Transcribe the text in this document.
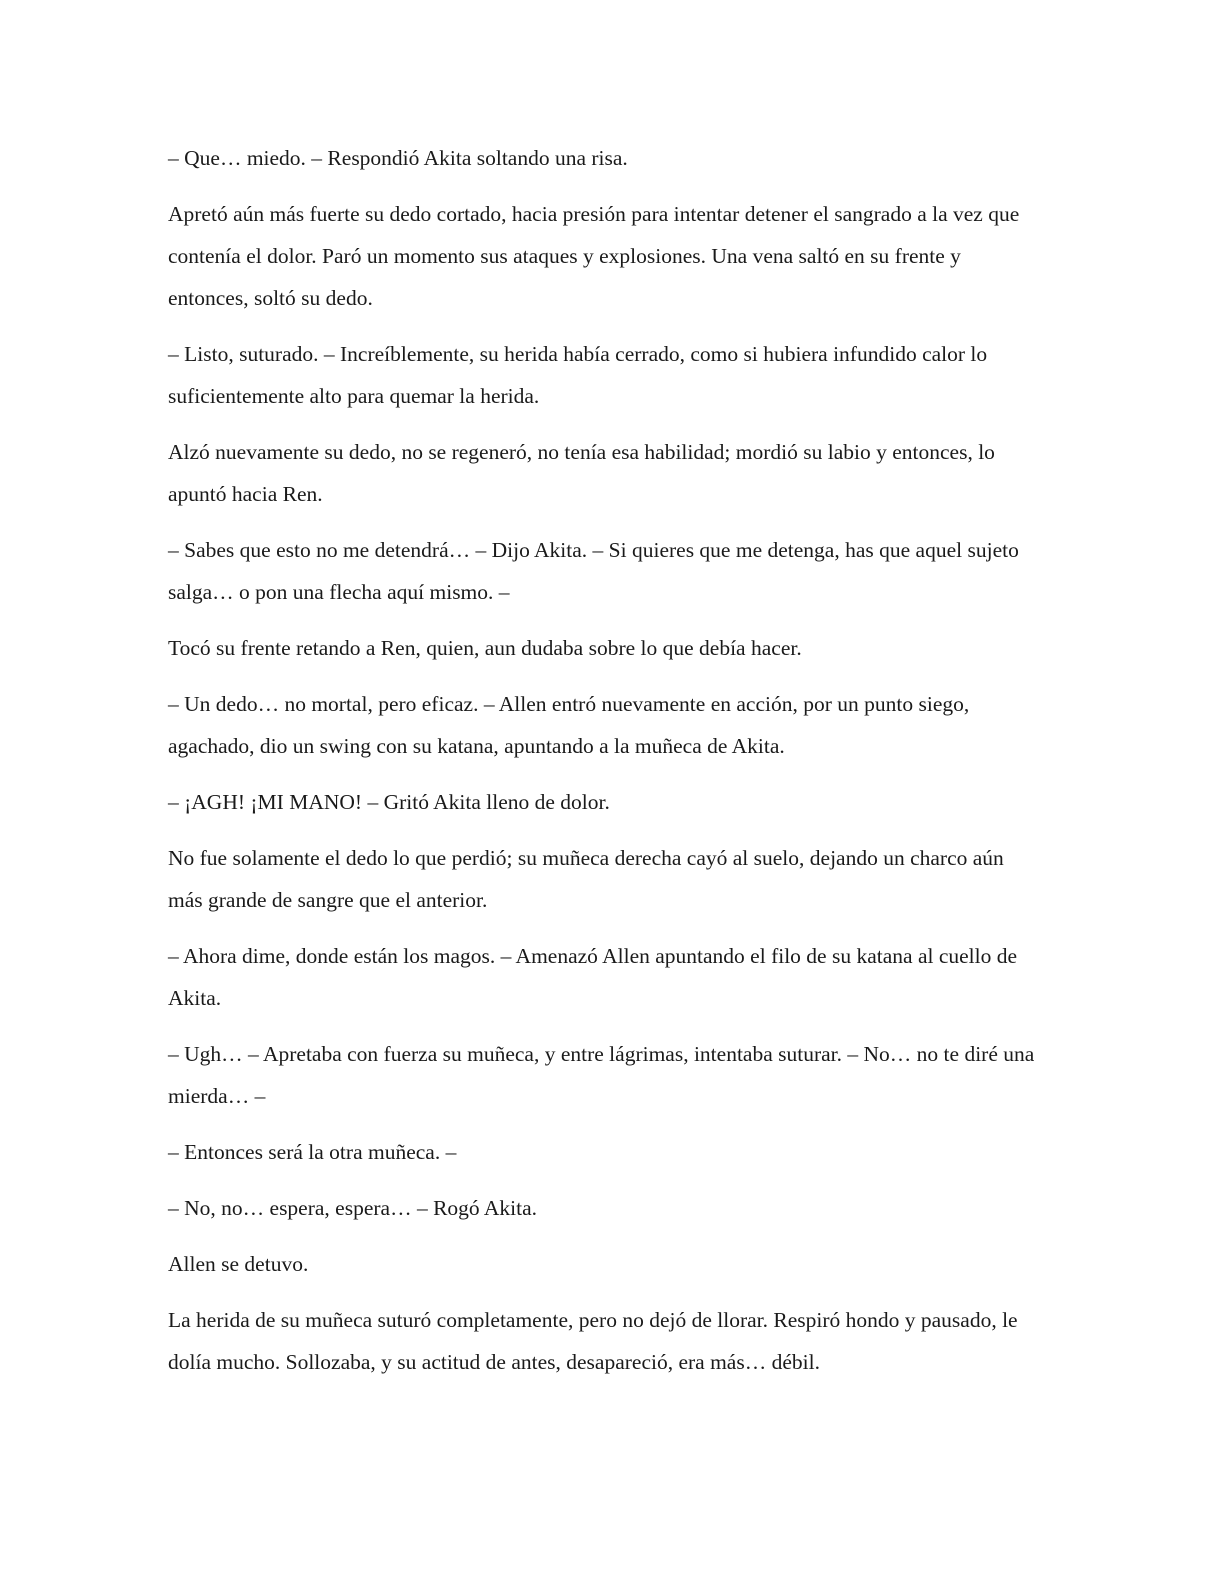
– Que… miedo. – Respondió Akita soltando una risa.

Apretó aún más fuerte su dedo cortado, hacia presión para intentar detener el sangrado a la vez que contenía el dolor. Paró un momento sus ataques y explosiones. Una vena saltó en su frente y entonces, soltó su dedo.

– Listo, suturado. – Increíblemente, su herida había cerrado, como si hubiera infundido calor lo suficientemente alto para quemar la herida.

Alzó nuevamente su dedo, no se regeneró, no tenía esa habilidad; mordió su labio y entonces, lo apuntó hacia Ren.

– Sabes que esto no me detendrá… – Dijo Akita. – Si quieres que me detenga, has que aquel sujeto salga… o pon una flecha aquí mismo. –

Tocó su frente retando a Ren, quien, aun dudaba sobre lo que debía hacer.

– Un dedo… no mortal, pero eficaz. – Allen entró nuevamente en acción, por un punto siego, agachado, dio un swing con su katana, apuntando a la muñeca de Akita.

– ¡AGH! ¡MI MANO! – Gritó Akita lleno de dolor.

No fue solamente el dedo lo que perdió; su muñeca derecha cayó al suelo, dejando un charco aún más grande de sangre que el anterior.

– Ahora dime, donde están los magos. – Amenazó Allen apuntando el filo de su katana al cuello de Akita.

– Ugh… – Apretaba con fuerza su muñeca, y entre lágrimas, intentaba suturar. – No… no te diré una mierda… –

– Entonces será la otra muñeca. –

– No, no… espera, espera… – Rogó Akita.

Allen se detuvo.

La herida de su muñeca suturó completamente, pero no dejó de llorar. Respiró hondo y pausado, le dolía mucho. Sollozaba, y su actitud de antes, desapareció, era más… débil.
